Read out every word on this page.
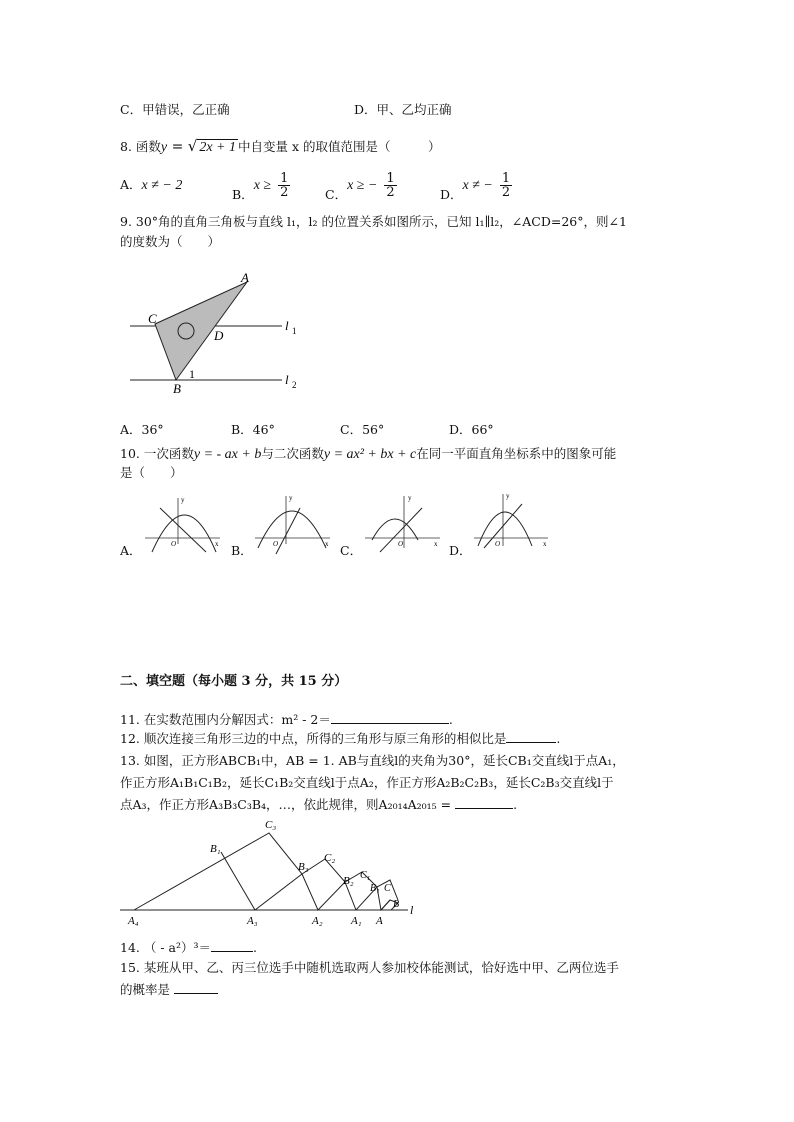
C．甲错误，乙正确	D．甲、乙均正确
8. 函数y = √ 2x + 1 中自变量 x 的取值范围是（　　　）
A．x ≠ − 2
B．$x \ge \frac{1}{2}$	C．x ≥ − $\frac{1}{2}$	D．x ≠ − $\frac{1}{2}$
9. 30°角的直角三角板与直线 l₁，l₂ 的位置关系如图所示，已知 l₁∥l₂，∠ACD=26°，则∠1
的度数为（　　）
A
C
D
B
1
l 1
l 2
A．36°	B．46°	C．56°	D．66°
10. 一次函数y = - ax + b与二次函数y = ax² + bx + c在同一平面直角坐标系中的图象可能
是（　　）
A．	B．	C．	D．
y
x
O
y
x
O
y
x
O
y
x
O
二、填空题（每小题 3 分，共 15 分）
11. 在实数范围内分解因式：m² - 2＝	.
12. 顺次连接三角形三边的中点，所得的三角形与原三角形的相似比是	.
13. 如图，正方形ABCB₁中，AB = 1. AB与直线l的夹角为30°，延长CB₁交直线l于点A₁，
作正方形A₁B₁C₁B₂，延长C₁B₂交直线l于点A₂，作正方形A₂B₂C₂B₃，延长C₂B₃交直线l于
点A₃，作正方形A₃B₃C₃B₄，…，依此规律，则A₂₀₁₄A₂₀₁₅ =	.
C₃
B₁
C₂
B₃
B₂ C₁
B₁ C
B l
A₄	A₃	A₂	A₁ A
14. （ - a²）³＝	.
15. 某班从甲、乙、丙三位选手中随机选取两人参加校体能测试，恰好选中甲、乙两位选手
的概率是
